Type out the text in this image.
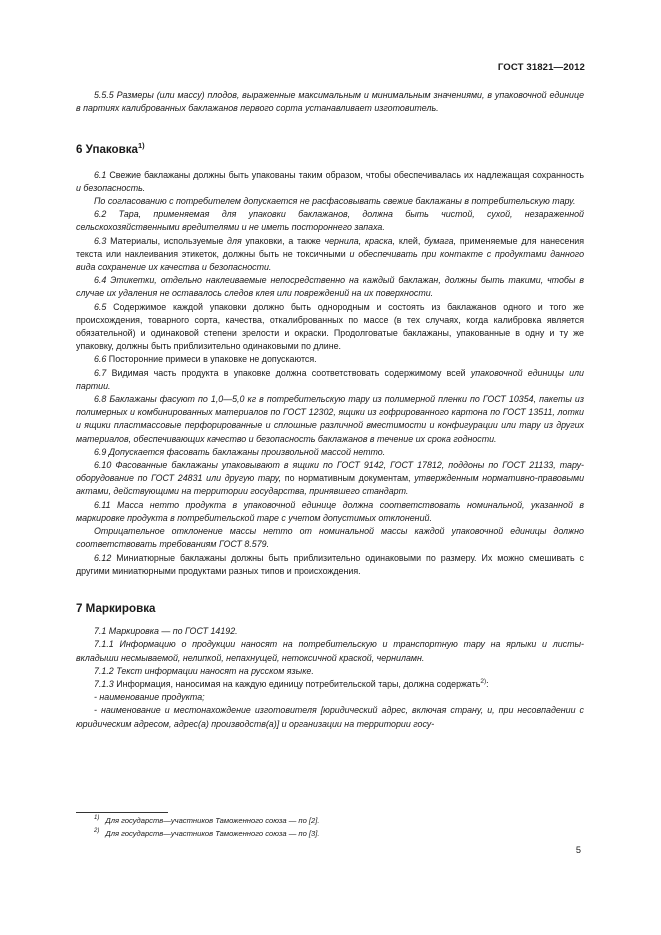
ГОСТ 31821—2012

5.5.5 Размеры (или массу) плодов, выраженные максимальным и минимальным значениями, в упаковочной единице в партиях калиброванных баклажанов первого сорта устанавливает изготовитель.

6 Упаковка$^{1)}$

6.1 Свежие баклажаны должны быть упакованы таким образом, чтобы обеспечивалась их надлежащая сохранность и безопасность.

По согласованию с потребителем допускается не расфасовывать свежие баклажаны в потребительскую тару.

6.2 Тара, применяемая для упаковки баклажанов, должна быть чистой, сухой, незараженной сельскохозяйственными вредителями и не иметь постороннего запаха.

6.3 Материалы, используемые для упаковки, а также чернила, краска, клей, бумага, применяемые для нанесения текста или наклеивания этикеток, должны быть не токсичными и обеспечивать при контакте с продуктами данного вида сохранение их качества и безопасности.

6.4 Этикетки, отдельно наклеиваемые непосредственно на каждый баклажан, должны быть такими, чтобы в случае их удаления не оставалось следов клея или повреждений на их поверхности.

6.5 Содержимое каждой упаковки должно быть однородным и состоять из баклажанов одного и того же происхождения, товарного сорта, качества, откалиброванных по массе (в тех случаях, когда калибровка является обязательной) и одинаковой степени зрелости и окраски. Продолговатые баклажаны, упакованные в одну и ту же упаковку, должны быть приблизительно одинаковыми по длине.

6.6 Посторонние примеси в упаковке не допускаются.

6.7 Видимая часть продукта в упаковке должна соответствовать содержимому всей упаковочной единицы или партии.

6.8 Баклажаны фасуют по 1,0—5,0 кг в потребительскую тару из полимерной пленки по ГОСТ 10354, пакеты из полимерных и комбинированных материалов по ГОСТ 12302, ящики из гофрированного картона по ГОСТ 13511, лотки и ящики пластмассовые перфорированные и сплошные различной вместимости и конфигурации или тару из других материалов, обеспечивающих качество и безопасность баклажанов в течение их срока годности.

6.9 Допускается фасовать баклажаны произвольной массой нетто.

6.10 Фасованные баклажаны упаковывают в ящики по ГОСТ 9142, ГОСТ 17812, поддоны по ГОСТ 21133, тару-оборудование по ГОСТ 24831 или другую тару, по нормативным документам, утвержденным нормативно-правовыми актами, действующими на территории государства, принявшего стандарт.

6.11 Масса нетто продукта в упаковочной единице должна соответствовать номинальной, указанной в маркировке продукта в потребительской таре с учетом допустимых отклонений.

Отрицательное отклонение массы нетто от номинальной массы каждой упаковочной единицы должно соответствовать требованиям ГОСТ 8.579.

6.12 Миниатюрные баклажаны должны быть приблизительно одинаковыми по размеру. Их можно смешивать с другими миниатюрными продуктами разных типов и происхождения.

7 Маркировка

7.1 Маркировка — по ГОСТ 14192.

7.1.1 Информацию о продукции наносят на потребительскую и транспортную тару на ярлыки и листы-вкладыши несмываемой, нелипкой, непахнущей, нетоксичной краской, черниламн.

7.1.2 Текст информации наносят на русском языке.

7.1.3 Информация, наносимая на каждую единицу потребительской тары, должна содержать$^{2)}$:

- наименование продукта;

- наименование и местонахождение изготовителя [юридический адрес, включая страну, и, при несовпадении с юридическим адресом, адрес(а) производств(а)] и организации на территории госу-

$^{1)}$ Для государств—участников Таможенного союза — по [2].
$^{2)}$ Для государств—участников Таможенного союза — по [3].
5
